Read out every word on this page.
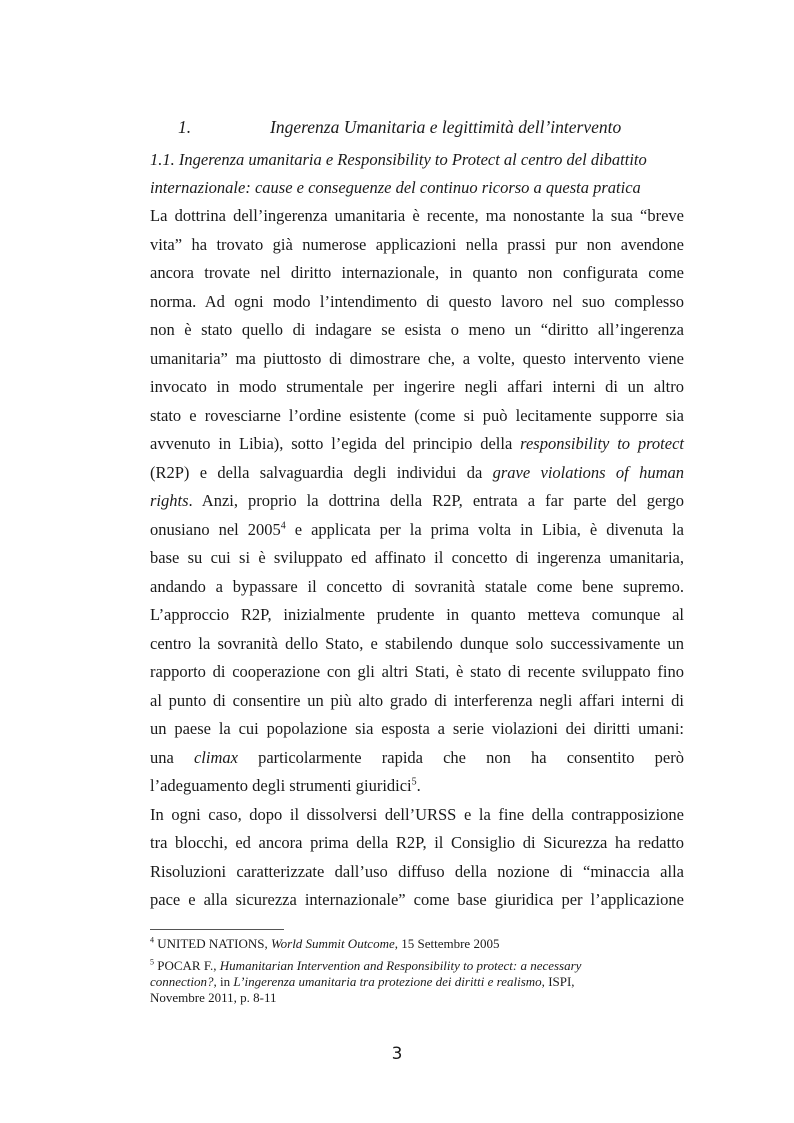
1.	Ingerenza Umanitaria e legittimità dell’intervento
1.1. Ingerenza umanitaria e Responsibility to Protect al centro del dibattito
internazionale: cause e conseguenze del continuo ricorso a questa pratica
La dottrina dell’ingerenza umanitaria è recente, ma nonostante la sua “breve
vita” ha trovato già numerose applicazioni nella prassi pur non avendone
ancora trovate nel diritto internazionale, in quanto non configurata come
norma. Ad ogni modo l’intendimento di questo lavoro nel suo complesso
non è stato quello di indagare se esista o meno un “diritto all’ingerenza
umanitaria” ma piuttosto di dimostrare che, a volte, questo intervento viene
invocato in modo strumentale per ingerire negli affari interni di un altro
stato e rovesciarne l’ordine esistente (come si può lecitamente supporre sia
avvenuto in Libia), sotto l’egida del principio della responsibility to protect
(R2P) e della salvaguardia degli individui da grave violations of human
rights. Anzi, proprio la dottrina della R2P, entrata a far parte del gergo
onusiano nel 2005$^4$ e applicata per la prima volta in Libia, è divenuta la
base su cui si è sviluppato ed affinato il concetto di ingerenza umanitaria,
andando a bypassare il concetto di sovranità statale come bene supremo.
L’approccio R2P, inizialmente prudente in quanto metteva comunque al
centro la sovranità dello Stato, e stabilendo dunque solo successivamente un
rapporto di cooperazione con gli altri Stati, è stato di recente sviluppato fino
al punto di consentire un più alto grado di interferenza negli affari interni di
un paese la cui popolazione sia esposta a serie violazioni dei diritti umani:
una climax particolarmente rapida che non ha consentito però
l’adeguamento degli strumenti giuridici$^5$.
In ogni caso, dopo il dissolversi dell’URSS e la fine della contrapposizione
tra blocchi, ed ancora prima della R2P, il Consiglio di Sicurezza ha redatto
Risoluzioni caratterizzate dall’uso diffuso della nozione di “minaccia alla
pace e alla sicurezza internazionale” come base giuridica per l’applicazione
$^4$ UNITED NATIONS, World Summit Outcome, 15 Settembre 2005
$^5$ POCAR F., Humanitarian Intervention and Responsibility to protect: a necessary
connection?, in L’ingerenza umanitaria tra protezione dei diritti e realismo, ISPI,
Novembre 2011, p. 8-11
3
